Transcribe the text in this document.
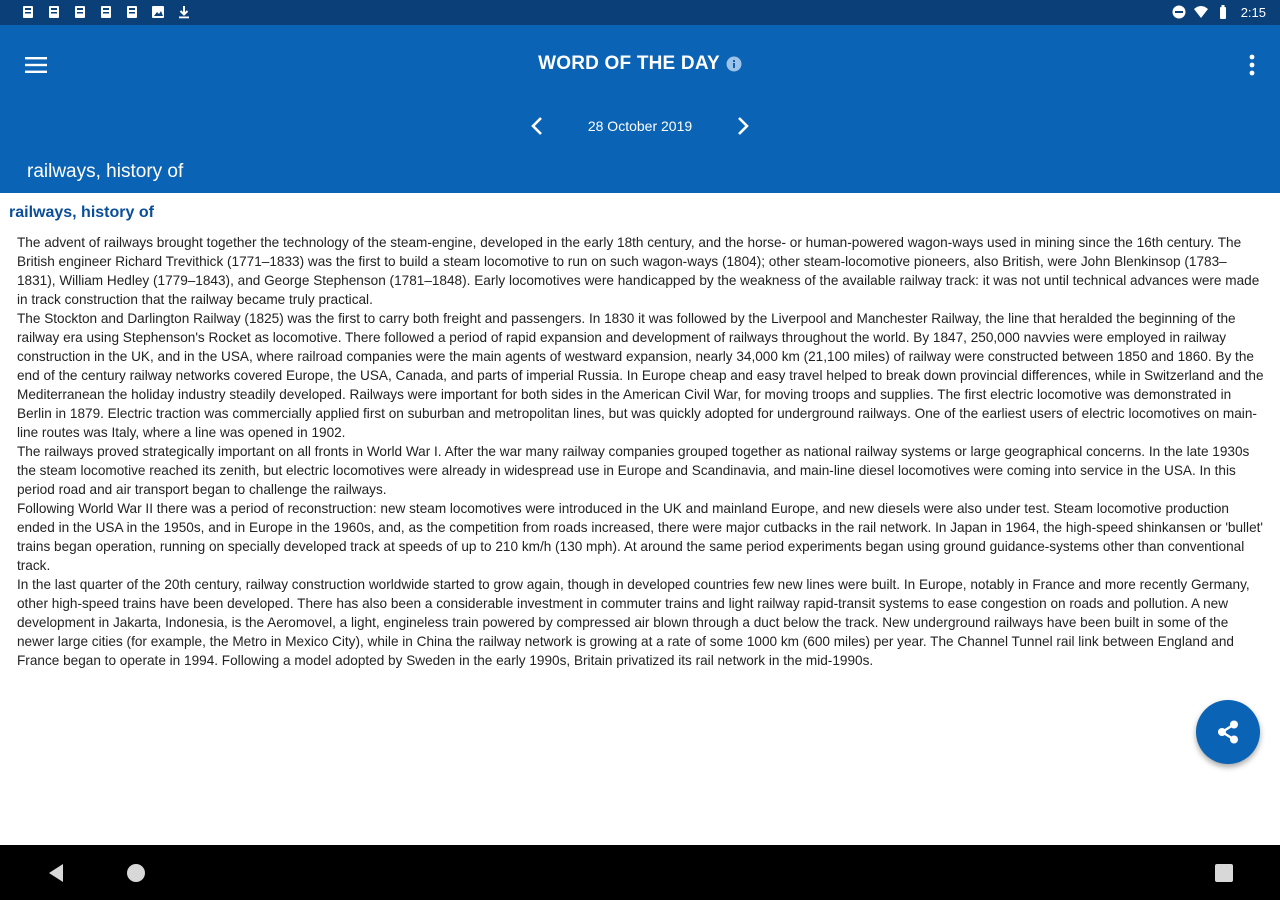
2:15
WORD OF THE DAY
28 October 2019
railways, history of
railways, history of

The advent of railways brought together the technology of the steam-engine, developed in the early 18th century, and the horse- or human-powered wagon-ways used in mining since the 16th century. The British engineer Richard Trevithick (1771–1833) was the first to build a steam locomotive to run on such wagon-ways (1804); other steam-locomotive pioneers, also British, were John Blenkinsop (1783–1831), William Hedley (1779–1843), and George Stephenson (1781–1848). Early locomotives were handicapped by the weakness of the available railway track: it was not until technical advances were made in track construction that the railway became truly practical.

The Stockton and Darlington Railway (1825) was the first to carry both freight and passengers. In 1830 it was followed by the Liverpool and Manchester Railway, the line that heralded the beginning of the railway era using Stephenson's Rocket as locomotive. There followed a period of rapid expansion and development of railways throughout the world. By 1847, 250,000 navvies were employed in railway construction in the UK, and in the USA, where railroad companies were the main agents of westward expansion, nearly 34,000 km (21,100 miles) of railway were constructed between 1850 and 1860. By the end of the century railway networks covered Europe, the USA, Canada, and parts of imperial Russia. In Europe cheap and easy travel helped to break down provincial differences, while in Switzerland and the Mediterranean the holiday industry steadily developed. Railways were important for both sides in the American Civil War, for moving troops and supplies. The first electric locomotive was demonstrated in Berlin in 1879. Electric traction was commercially applied first on suburban and metropolitan lines, but was quickly adopted for underground railways. One of the earliest users of electric locomotives on main-line routes was Italy, where a line was opened in 1902.

The railways proved strategically important on all fronts in World War I. After the war many railway companies grouped together as national railway systems or large geographical concerns. In the late 1930s the steam locomotive reached its zenith, but electric locomotives were already in widespread use in Europe and Scandinavia, and main-line diesel locomotives were coming into service in the USA. In this period road and air transport began to challenge the railways.

Following World War II there was a period of reconstruction: new steam locomotives were introduced in the UK and mainland Europe, and new diesels were also under test. Steam locomotive production ended in the USA in the 1950s, and in Europe in the 1960s, and, as the competition from roads increased, there were major cutbacks in the rail network. In Japan in 1964, the high-speed shinkansen or 'bullet' trains began operation, running on specially developed track at speeds of up to 210 km/h (130 mph). At around the same period experiments began using ground guidance-systems other than conventional track.

In the last quarter of the 20th century, railway construction worldwide started to grow again, though in developed countries few new lines were built. In Europe, notably in France and more recently Germany, other high-speed trains have been developed. There has also been a considerable investment in commuter trains and light railway rapid-transit systems to ease congestion on roads and pollution. A new development in Jakarta, Indonesia, is the Aeromovel, a light, engineless train powered by compressed air blown through a duct below the track. New underground railways have been built in some of the newer large cities (for example, the Metro in Mexico City), while in China the railway network is growing at a rate of some 1000 km (600 miles) per year. The Channel Tunnel rail link between England and France began to operate in 1994. Following a model adopted by Sweden in the early 1990s, Britain privatized its rail network in the mid-1990s.
